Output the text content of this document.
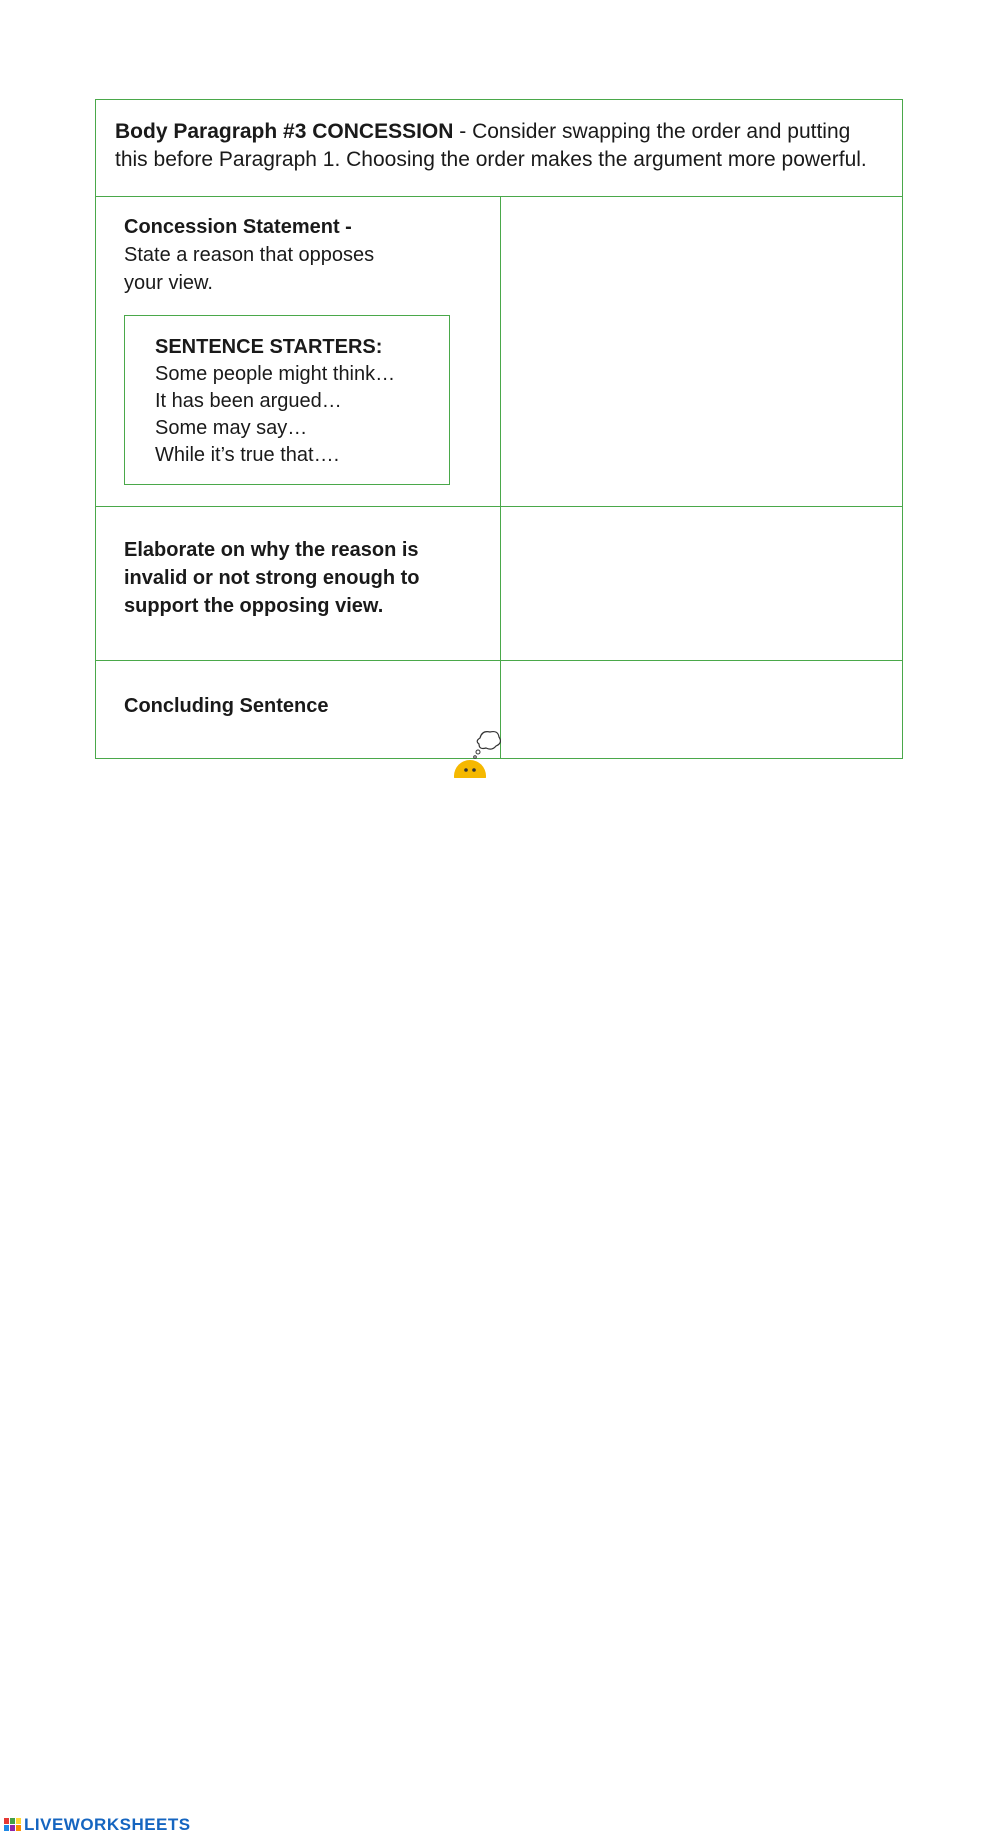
Body Paragraph #3 CONCESSION - Consider swapping the order and putting this before Paragraph 1. Choosing the order makes the argument more powerful.
Concession Statement -
State a reason that opposes your view.
SENTENCE STARTERS:
Some people might think…
It has been argued…
Some may say…
While it’s true that….
Elaborate on why the reason is invalid or not strong enough to support the opposing view.
Concluding Sentence
LIVEWORKSHEETS
